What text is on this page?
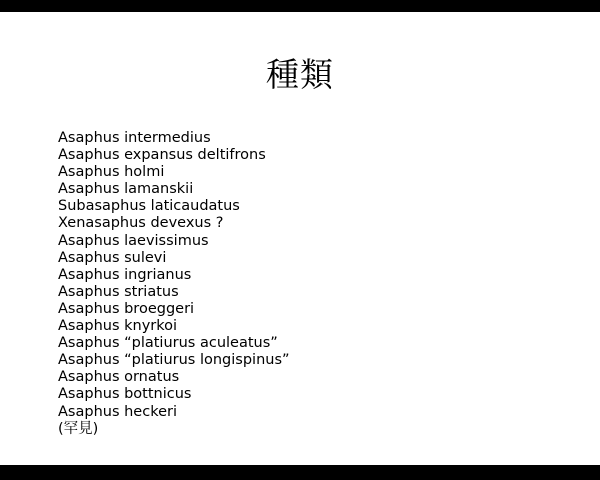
種類
Asaphus intermedius
Asaphus expansus deltifrons
Asaphus holmi
Asaphus lamanskii
Subasaphus laticaudatus
Xenasaphus devexus ?
Asaphus laevissimus
Asaphus sulevi
Asaphus ingrianus
Asaphus striatus
Asaphus broeggeri
Asaphus knyrkoi
Asaphus “platiurus aculeatus”
Asaphus “platiurus longispinus”
Asaphus ornatus
Asaphus bottnicus
Asaphus heckeri
(罕見)
